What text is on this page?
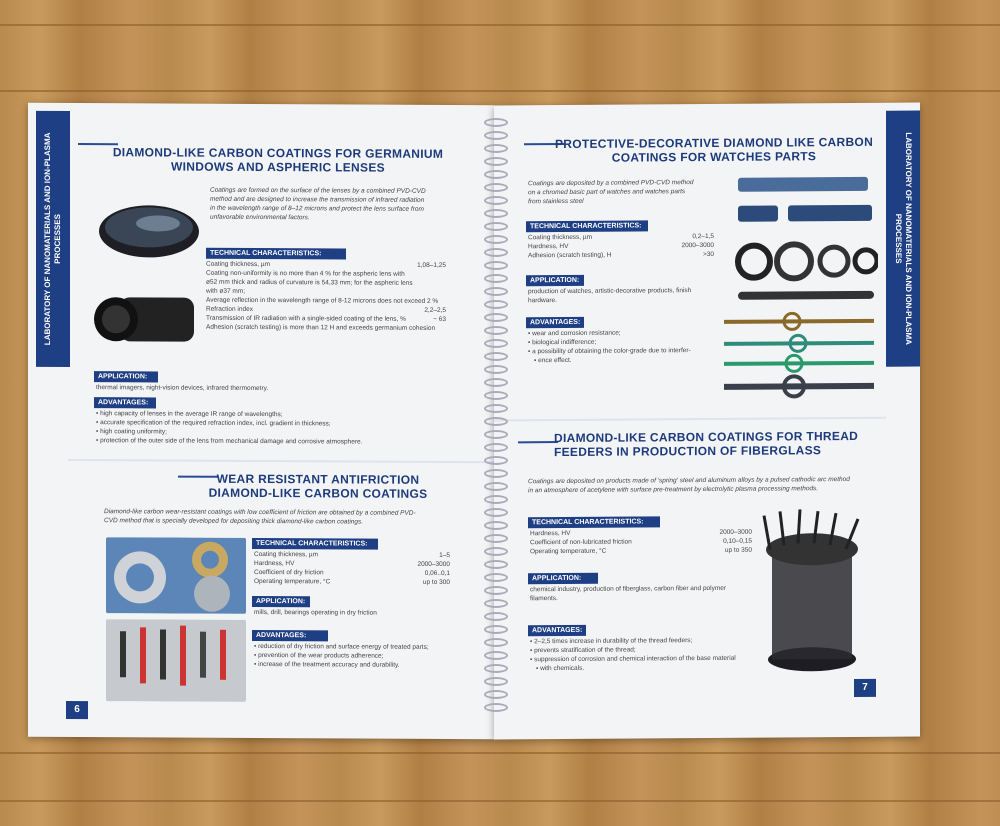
LABORATORY OF NANOMATERIALS AND ION-PLASMA PROCESSES
DIAMOND-LIKE CARBON COATINGS FOR GERMANIUM
WINDOWS AND ASPHERIC LENSES
Coatings are formed on the surface of the lenses by a combined PVD-CVD
method and are designed to increase the transmission of infrared radiation
in the wavelength range of 8–12 microns and protect the lens surface from
unfavorable environmental factors.
TECHNICAL CHARACTERISTICS:
Coating thickness, µm	1,08–1,25
Coating non-uniformity is no more than 4 % for the aspheric lens with
ø52 mm thick and radius of curvature is 54,33 mm; for the aspheric lens
with ø37 mm;
Average reflection in the wavelength range of 8-12 microns does not exceed 2 %
Refraction index	2,2–2,5
Transmission of IR radiation with a single-sided coating of the lens, %	~ 63
Adhesion (scratch testing) is more than 12 H and exceeds germanium cohesion
APPLICATION:
thermal imagers, night-vision devices, infrared thermometry.
ADVANTAGES:
• high capacity of lenses in the average IR range of wavelengths;
• accurate specification of the required refraction index, incl. gradient in thickness;
• high coating uniformity;
• protection of the outer side of the lens from mechanical damage and corrosive atmosphere.
WEAR RESISTANT ANTIFRICTION
DIAMOND-LIKE CARBON COATINGS
Diamond-like carbon wear-resistant coatings with low coefficient of friction are obtained by a combined PVD-
CVD method that is specially developed for depositing thick diamond-like carbon coatings.
TECHNICAL CHARACTERISTICS:
Coating thickness, µm	1–5
Hardness, HV	2000–3000
Coefficient of dry friction	0,06..0,1
Operating temperature, °C	up to 300
APPLICATION:
mills, drill, bearings operating in dry friction
ADVANTAGES:
• reduction of dry friction and surface energy of treated parts;
• prevention of the wear products adherence;
• increase of the treatment accuracy and durability.
6
LABORATORY OF NANOMATERIALS AND ION-PLASMA PROCESSES
PROTECTIVE-DECORATIVE DIAMOND LIKE CARBON
COATINGS FOR WATCHES PARTS
Coatings are deposited by a combined PVD-CVD method
on a chromed basic part of watches and watches parts
from stainless steel
TECHNICAL CHARACTERISTICS:
Coating thickness, µm	0,2–1,5
Hardness, HV	2000–3000
Adhesion (scratch testing), H	>30
APPLICATION:
production of watches, artistic-decorative products, finish
hardware.
ADVANTAGES:
• wear and corrosion resistance;
• biological indifference;
• a possibility of obtaining the color-grade due to interfer-
• ence effect.
DIAMOND-LIKE CARBON COATINGS FOR THREAD
FEEDERS IN PRODUCTION OF FIBERGLASS
Coatings are deposited on products made of 'spring' steel and aluminum alloys by a pulsed cathodic arc method
in an atmosphere of acetylene with surface pre-treatment by electrolytic plasma processing methods.
TECHNICAL CHARACTERISTICS:
Hardness, HV	2000–3000
Coefficient of non-lubricated friction	0,10–0,15
Operating temperature, °C	up to 350
APPLICATION:
chemical industry, production of fiberglass, carbon fiber and polymer
filaments.
ADVANTAGES:
• 2–2,5 times increase in durability of the thread feeders;
• prevents stratification of the thread;
• suppression of corrosion and chemical interaction of the base material
• with chemicals.
7
